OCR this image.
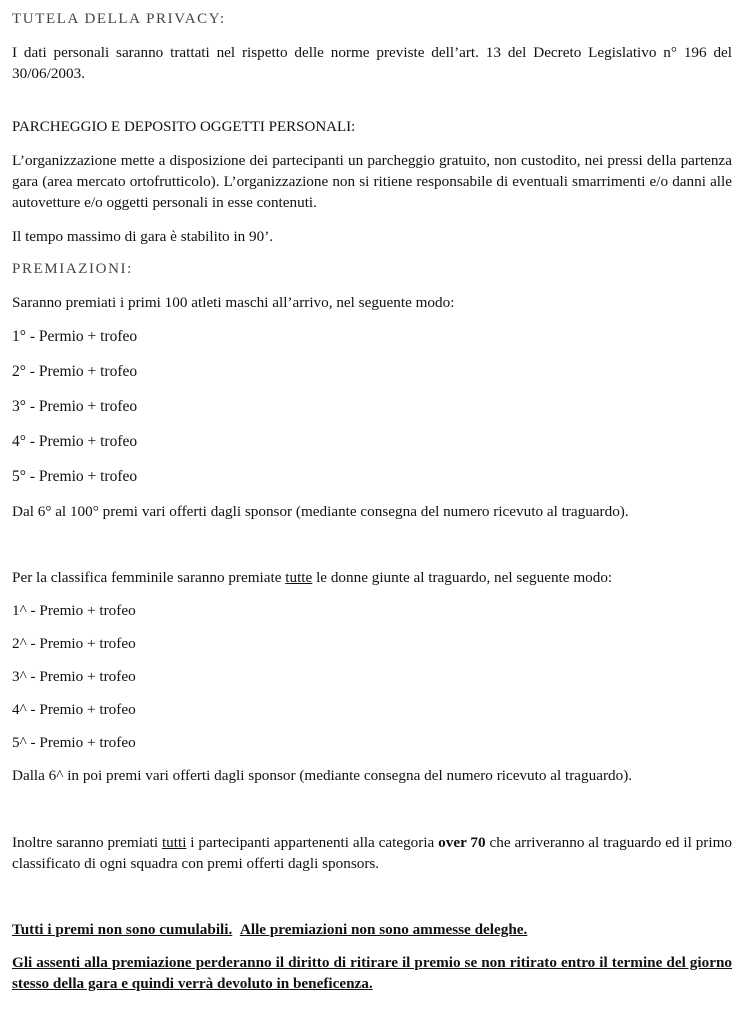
TUTELA DELLA PRIVACY:
I dati personali saranno trattati nel rispetto delle norme previste dell’art. 13 del Decreto Legislativo n° 196 del 30/06/2003.
PARCHEGGIO E DEPOSITO OGGETTI PERSONALI:
L’organizzazione mette a disposizione dei partecipanti un parcheggio gratuito, non custodito, nei pressi della partenza gara (area mercato ortofrutticolo). L’organizzazione non si ritiene responsabile di eventuali smarrimenti e/o danni alle autovetture e/o oggetti personali in esse contenuti.
Il tempo massimo di gara è stabilito in 90’.
PREMIAZIONI:
Saranno premiati i primi 100 atleti maschi all’arrivo, nel seguente modo:
1° - Permio + trofeo
2° - Premio + trofeo
3° - Premio + trofeo
4° - Premio + trofeo
5° - Premio + trofeo
Dal 6° al 100° premi vari offerti dagli sponsor (mediante consegna del numero ricevuto al traguardo).
Per la classifica femminile saranno premiate tutte le donne giunte al traguardo, nel seguente modo:
1^ - Premio + trofeo
2^ - Premio + trofeo
3^ - Premio + trofeo
4^ - Premio + trofeo
5^ - Premio + trofeo
Dalla 6^ in poi premi vari offerti dagli sponsor (mediante consegna del numero ricevuto al traguardo).
Inoltre saranno premiati tutti i partecipanti appartenenti alla categoria over 70 che arriveranno al traguardo ed il primo classificato di ogni squadra con premi offerti dagli sponsors.
Tutti i premi non sono cumulabili. Alle premiazioni non sono ammesse deleghe.
Gli assenti alla premiazione perderanno il diritto di ritirare il premio se non ritirato entro il termine del giorno stesso della gara e quindi verrà devoluto in beneficenza.
